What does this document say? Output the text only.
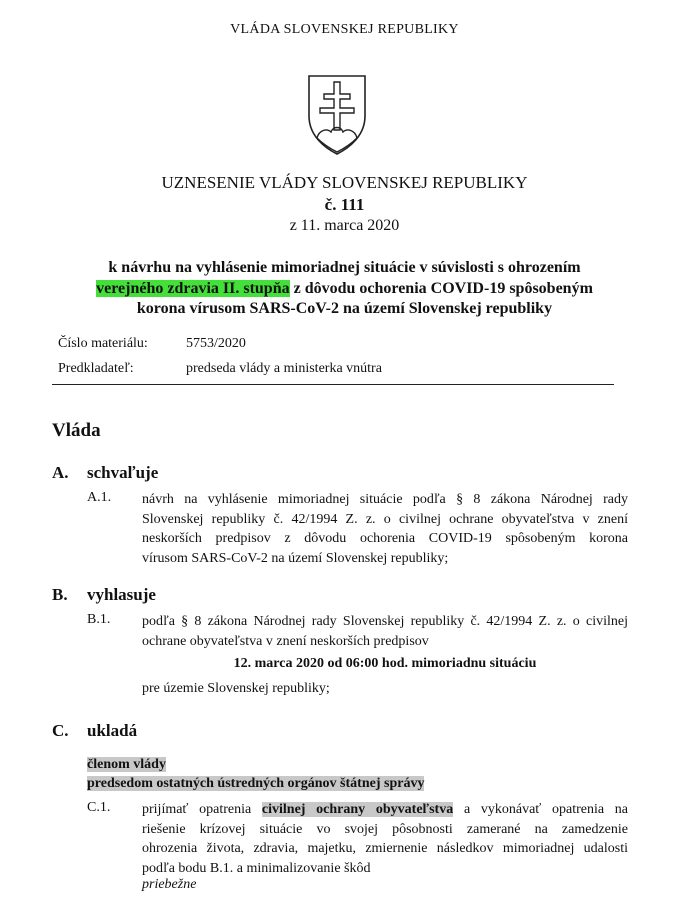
VLÁDA SLOVENSKEJ REPUBLIKY
UZNESENIE VLÁDY SLOVENSKEJ REPUBLIKY
č. 111
z 11. marca 2020
k návrhu na vyhlásenie mimoriadnej situácie v súvislosti s ohrozením
verejného zdravia II. stupňa z dôvodu ochorenia COVID-19 spôsobeným
korona vírusom SARS-CoV-2 na území Slovenskej republiky
Číslo materiálu:	5753/2020
Predkladateľ:	predseda vlády a ministerka vnútra
Vláda
A. schvaľuje
A.1. návrh na vyhlásenie mimoriadnej situácie podľa § 8 zákona Národnej rady
Slovenskej republiky č. 42/1994 Z. z. o civilnej ochrane obyvateľstva v znení
neskorších predpisov z dôvodu ochorenia COVID-19 spôsobeným korona
vírusom SARS-CoV-2 na území Slovenskej republiky;
B. vyhlasuje
B.1. podľa § 8 zákona Národnej rady Slovenskej republiky č. 42/1994 Z. z. o civilnej
ochrane obyvateľstva v znení neskorších predpisov
12. marca 2020 od 06:00 hod. mimoriadnu situáciu
pre územie Slovenskej republiky;
C. ukladá
členom vlády
predsedom ostatných ústredných orgánov štátnej správy
C.1. prijímať opatrenia civilnej ochrany obyvateľstva a vykonávať opatrenia na
riešenie krízovej situácie vo svojej pôsobnosti zamerané na zamedzenie
ohrozenia života, zdravia, majetku, zmiernenie následkov mimoriadnej udalosti
podľa bodu B.1. a minimalizovanie škôd
priebežne
